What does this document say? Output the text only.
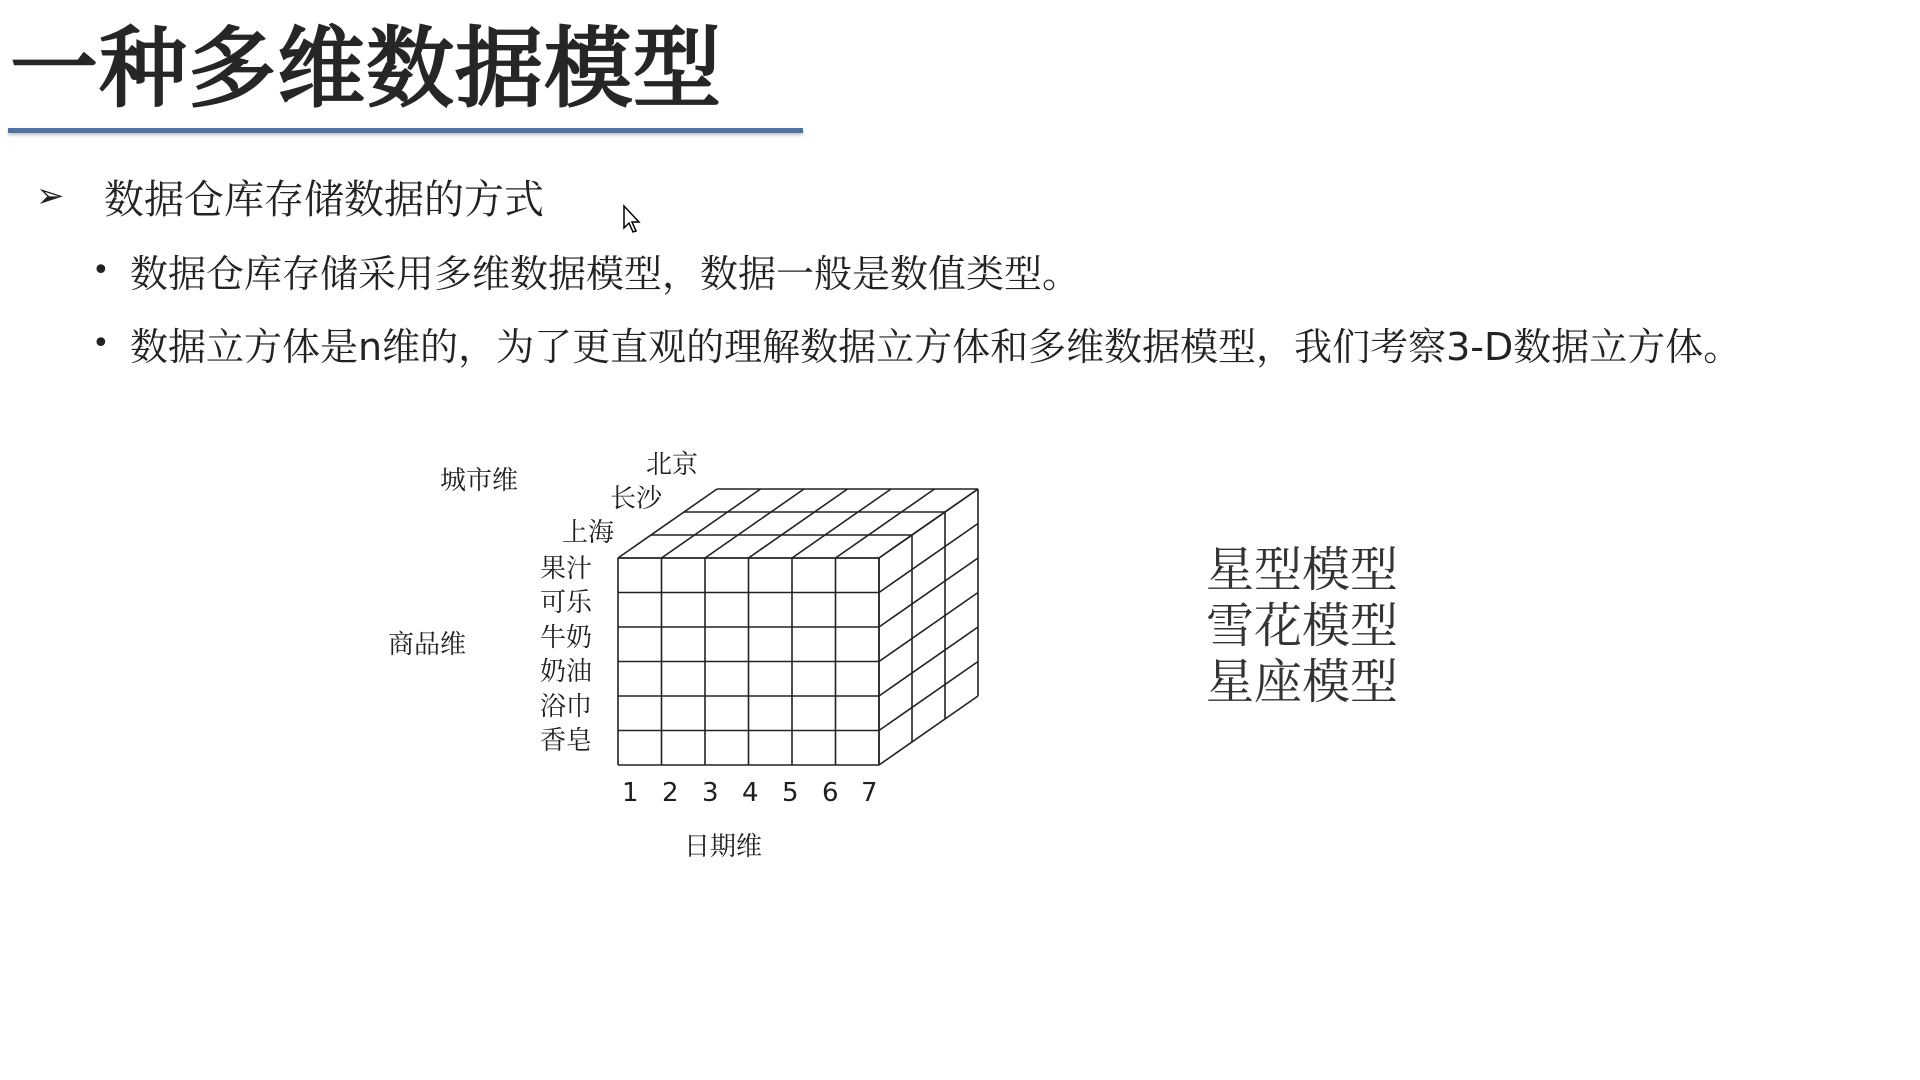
一种多维数据模型
➢ 数据仓库存储数据的方式
• 数据仓库存储采用多维数据模型，数据一般是数值类型。
• 数据立方体是n维的，为了更直观的理解数据立方体和多维数据模型，我们考察3-D数据立方体。
城市维
北京
长沙
上海
商品维
果汁
可乐
牛奶
奶油
浴巾
香皂
1 2 3 4 5 6 7
日期维
星型模型
雪花模型
星座模型
